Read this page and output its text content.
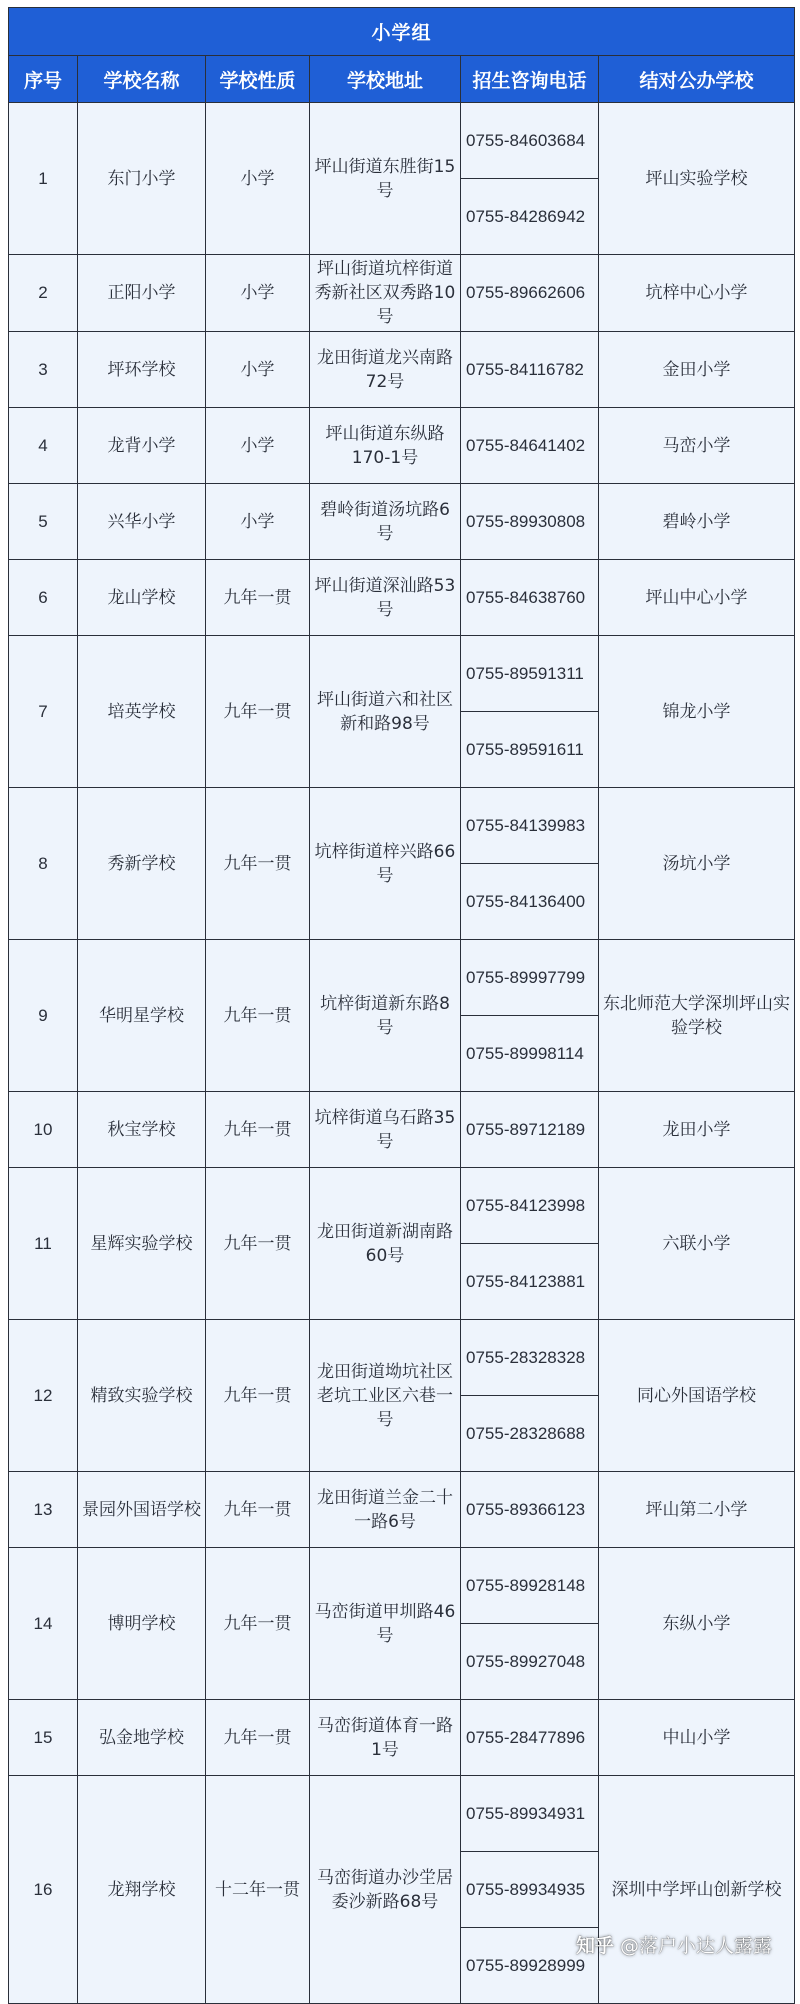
小学组					
序号	学校名称	学校性质	学校地址	招生咨询电话	结对公办学校
1	东门小学	小学	坪山街道东胜街15号	0755-84603684	坪山实验学校
				0755-84286942	
2	正阳小学	小学	坪山街道坑梓街道秀新社区双秀路10号	0755-89662606	坑梓中心小学
3	坪环学校	小学	龙田街道龙兴南路72号	0755-84116782	金田小学
4	龙背小学	小学	坪山街道东纵路170-1号	0755-84641402	马峦小学
5	兴华小学	小学	碧岭街道汤坑路6号	0755-89930808	碧岭小学
6	龙山学校	九年一贯	坪山街道深汕路53号	0755-84638760	坪山中心小学
7	培英学校	九年一贯	坪山街道六和社区新和路98号	0755-89591311	锦龙小学
				0755-89591611	
8	秀新学校	九年一贯	坑梓街道梓兴路66号	0755-84139983	汤坑小学
				0755-84136400	
9	华明星学校	九年一贯	坑梓街道新东路8号	0755-89997799	东北师范大学深圳坪山实验学校
				0755-89998114	
10	秋宝学校	九年一贯	坑梓街道乌石路35号	0755-89712189	龙田小学
11	星辉实验学校	九年一贯	龙田街道新湖南路60号	0755-84123998	六联小学
				0755-84123881	
12	精致实验学校	九年一贯	龙田街道坳坑社区老坑工业区六巷一号	0755-28328328	同心外国语学校
				0755-28328688	
13	景园外国语学校	九年一贯	龙田街道兰金二十一路6号	0755-89366123	坪山第二小学
14	博明学校	九年一贯	马峦街道甲圳路46号	0755-89928148	东纵小学
				0755-89927048	
15	弘金地学校	九年一贯	马峦街道体育一路1号	0755-28477896	中山小学
16	龙翔学校	十二年一贯	马峦街道办沙坣居委沙新路68号	0755-89934931	深圳中学坪山创新学校
				0755-89934935	
				0755-89928999	
知乎 @落户小达人露露
